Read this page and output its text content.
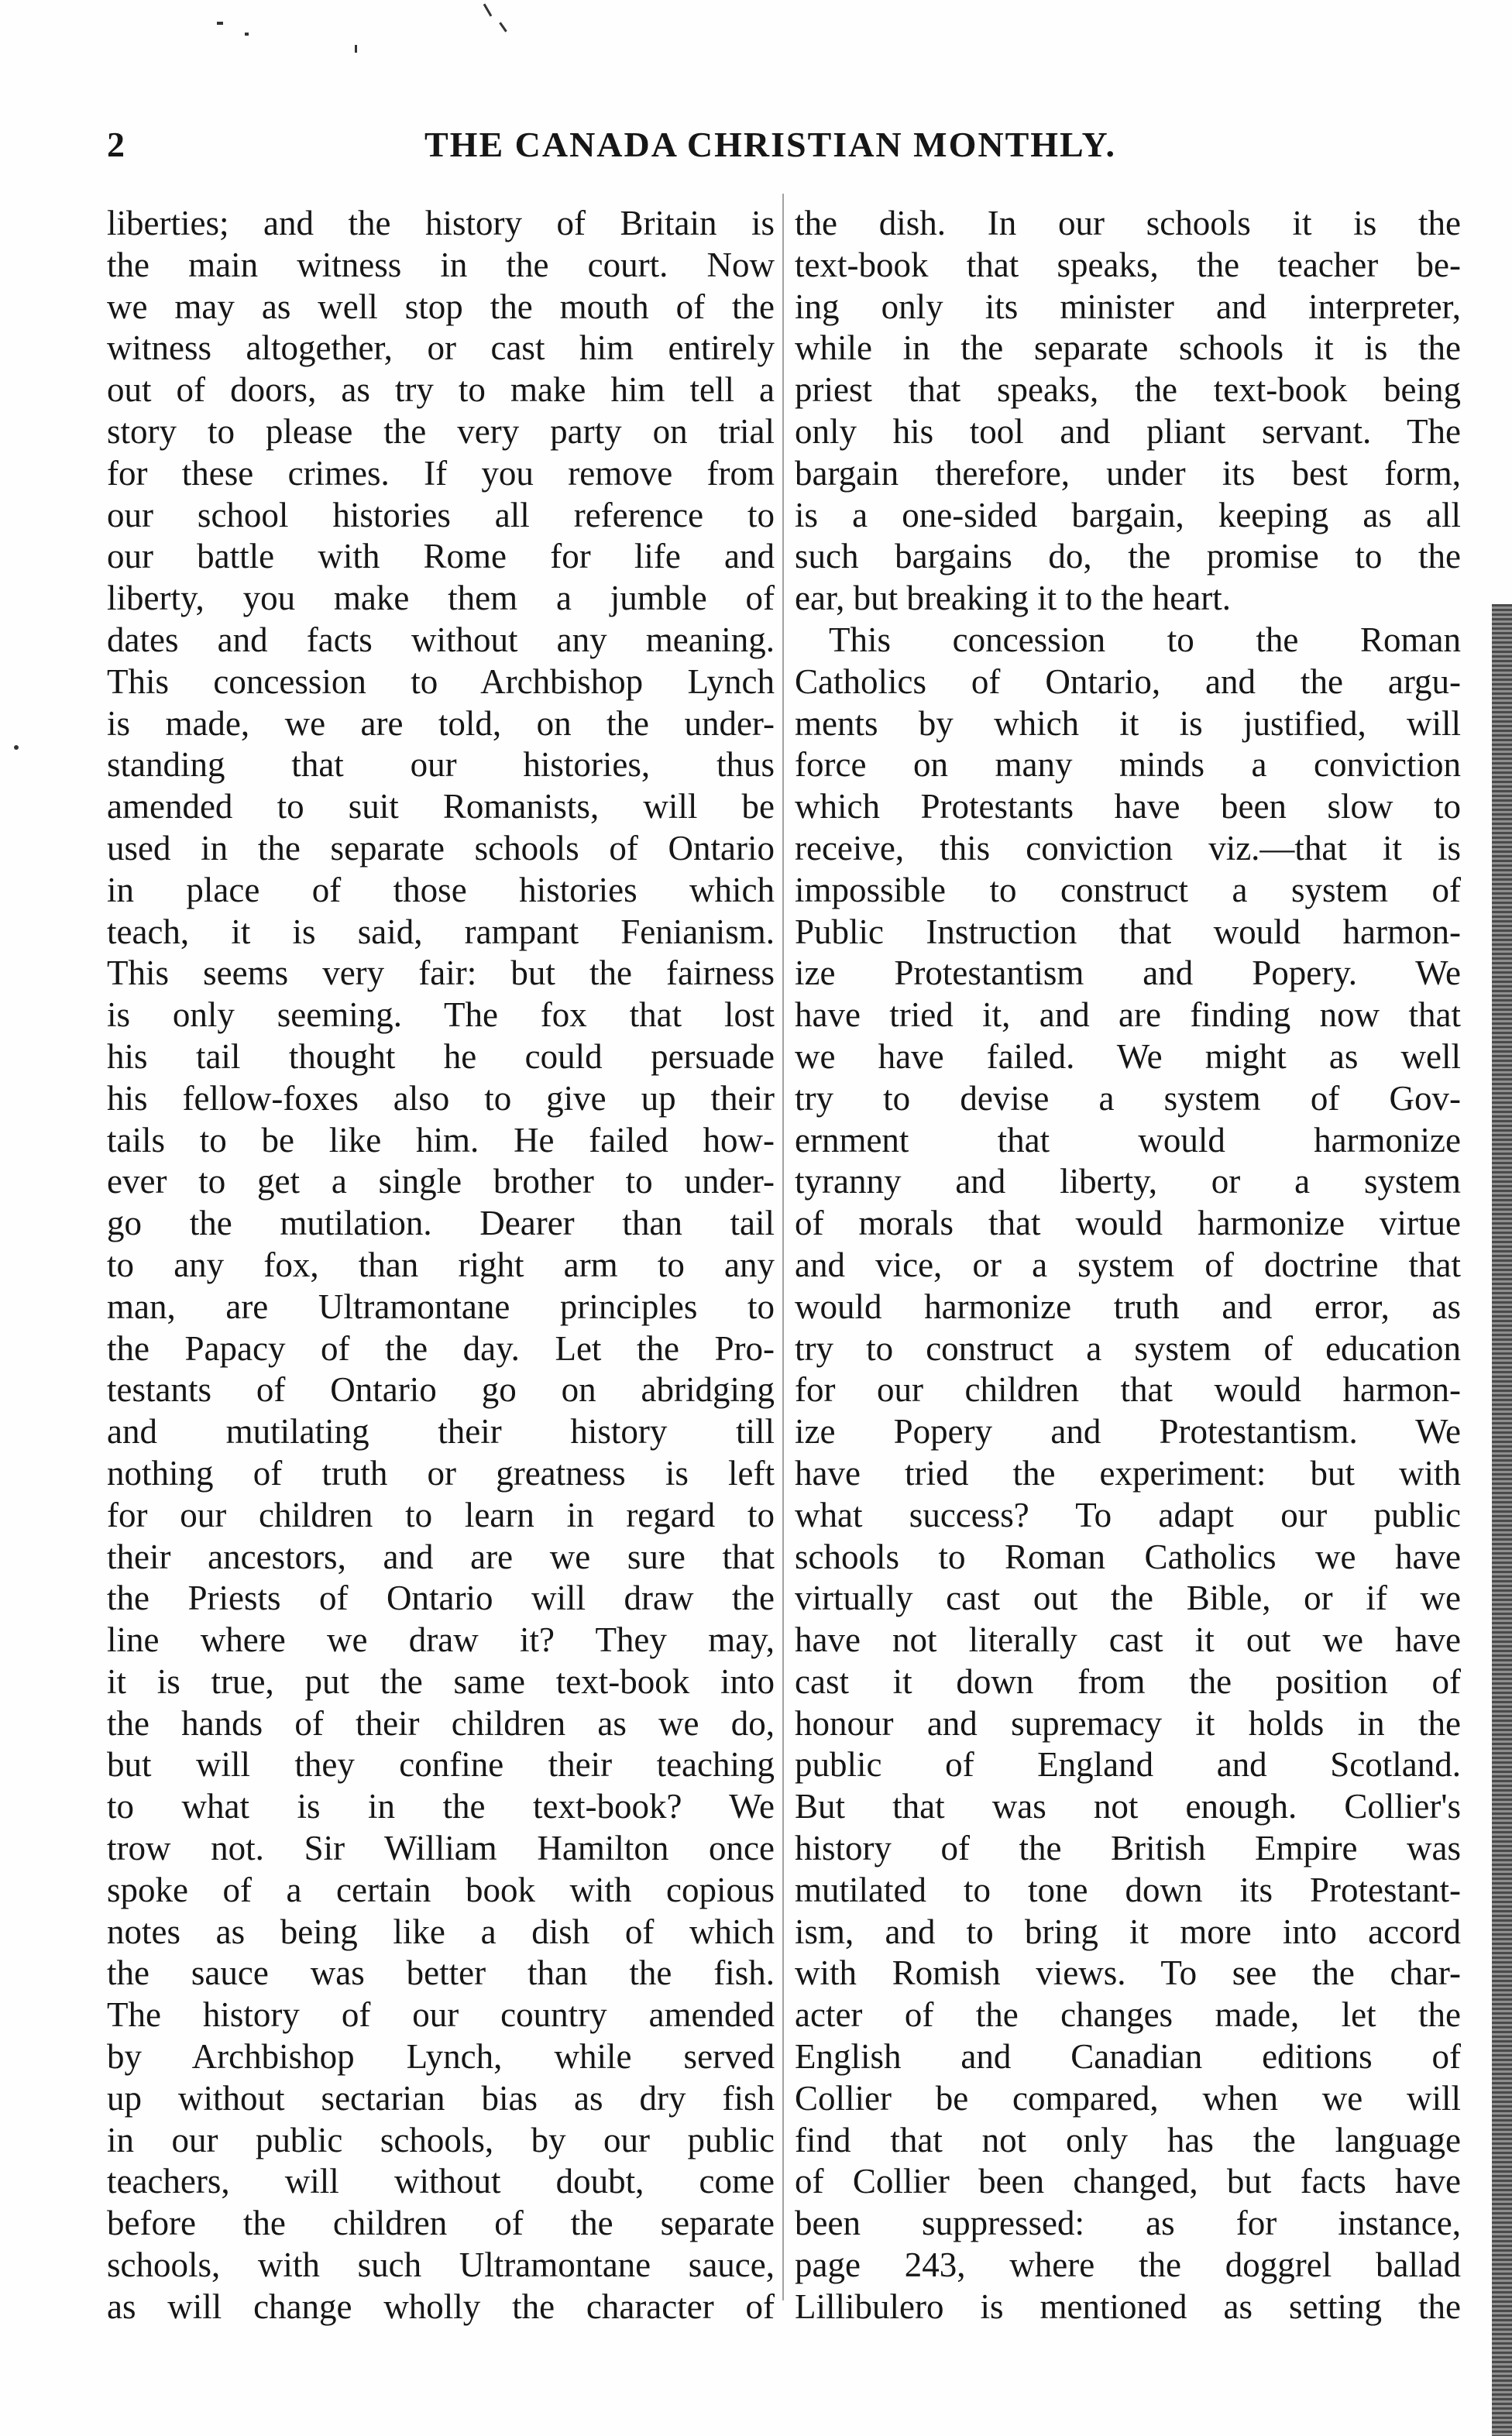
2	THE CANADA CHRISTIAN MONTHLY.
liberties; and the history of Britain is
the main witness in the court. Now
we may as well stop the mouth of the
witness altogether, or cast him entirely
out of doors, as try to make him tell a
story to please the very party on trial
for these crimes. If you remove from
our school histories all reference to
our battle with Rome for life and
liberty, you make them a jumble of
dates and facts without any meaning.
This concession to Archbishop Lynch
is made, we are told, on the under-
standing that our histories, thus
amended to suit Romanists, will be
used in the separate schools of Ontario
in place of those histories which
teach, it is said, rampant Fenianism.
This seems very fair: but the fairness
is only seeming. The fox that lost
his tail thought he could persuade
his fellow-foxes also to give up their
tails to be like him. He failed how-
ever to get a single brother to under-
go the mutilation. Dearer than tail
to any fox, than right arm to any
man, are Ultramontane principles to
the Papacy of the day. Let the Pro-
testants of Ontario go on abridging
and mutilating their history till
nothing of truth or greatness is left
for our children to learn in regard to
their ancestors, and are we sure that
the Priests of Ontario will draw the
line where we draw it? They may,
it is true, put the same text-book into
the hands of their children as we do,
but will they confine their teaching
to what is in the text-book? We
trow not. Sir William Hamilton once
spoke of a certain book with copious
notes as being like a dish of which
the sauce was better than the fish.
The history of our country amended
by Archbishop Lynch, while served
up without sectarian bias as dry fish
in our public schools, by our public
teachers, will without doubt, come
before the children of the separate
schools, with such Ultramontane sauce,
as will change wholly the character of
the dish. In our schools it is the
text-book that speaks, the teacher be-
ing only its minister and interpreter,
while in the separate schools it is the
priest that speaks, the text-book being
only his tool and pliant servant. The
bargain therefore, under its best form,
is a one-sided bargain, keeping as all
such bargains do, the promise to the
ear, but breaking it to the heart.
This concession to the Roman
Catholics of Ontario, and the argu-
ments by which it is justified, will
force on many minds a conviction
which Protestants have been slow to
receive, this conviction viz.—that it is
impossible to construct a system of
Public Instruction that would harmon-
ize Protestantism and Popery. We
have tried it, and are finding now that
we have failed. We might as well
try to devise a system of Gov-
ernment that would harmonize
tyranny and liberty, or a system
of morals that would harmonize virtue
and vice, or a system of doctrine that
would harmonize truth and error, as
try to construct a system of education
for our children that would harmon-
ize Popery and Protestantism. We
have tried the experiment: but with
what success? To adapt our public
schools to Roman Catholics we have
virtually cast out the Bible, or if we
have not literally cast it out we have
cast it down from the position of
honour and supremacy it holds in the
public of England and Scotland.
But that was not enough. Collier's
history of the British Empire was
mutilated to tone down its Protestant-
ism, and to bring it more into accord
with Romish views. To see the char-
acter of the changes made, let the
English and Canadian editions of
Collier be compared, when we will
find that not only has the language
of Collier been changed, but facts have
been suppressed: as for instance,
page 243, where the doggrel ballad
Lillibulero is mentioned as setting the
